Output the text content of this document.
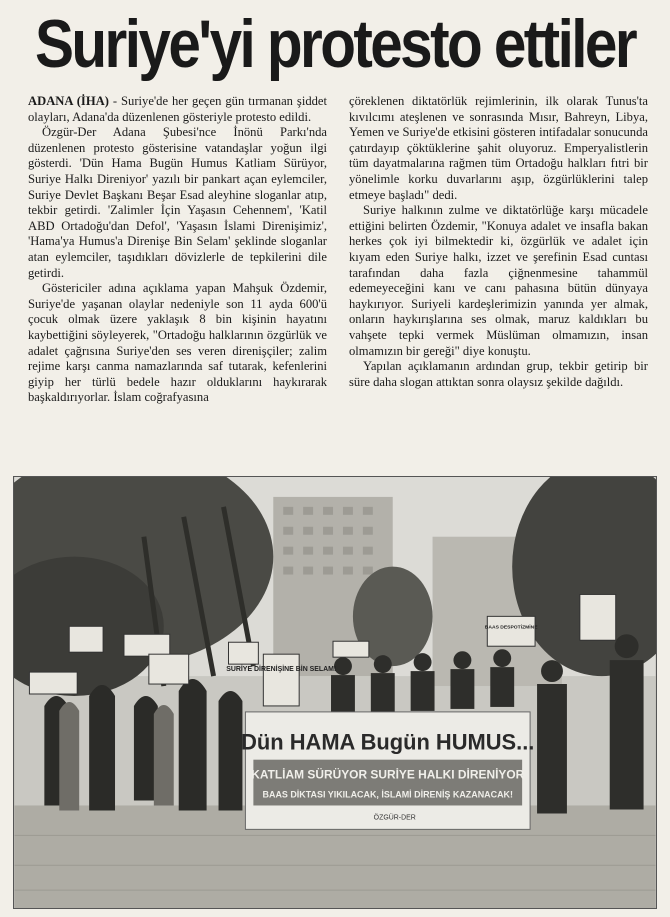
Suriye'yi protesto ettiler

ADANA (İHA) - Suriye'de her geçen gün tırmanan şiddet olayları, Adana'da düzenlenen gösteriyle protesto edildi.

Özgür-Der Adana Şubesi'nce İnönü Parkı'nda düzenlenen protesto gösterisine vatandaşlar yoğun ilgi gösterdi. 'Dün Hama Bugün Humus Katliam Sürüyor, Suriye Halkı Direniyor' yazılı bir pankart açan eylemciler, Suriye Devlet Başkanı Beşar Esad aleyhine sloganlar atıp, tekbir getirdi. 'Zalimler İçin Yaşasın Cehennem', 'Katil ABD Ortadoğu'dan Defol', 'Yaşasın İslami Direnişimiz', 'Hama'ya Humus'a Direnişe Bin Selam' şeklinde sloganlar atan eylemciler, taşıdıkları dövizlerle de tepkilerini dile getirdi.

Göstericiler adına açıklama yapan Mahşuk Özdemir, Suriye'de yaşanan olaylar nedeniyle son 11 ayda 600'ü çocuk olmak üzere yaklaşık 8 bin kişinin hayatını kaybettiğini söyleyerek, "Ortadoğu halklarının özgürlük ve adalet çağrısına Suriye'den ses veren direnişçiler; zalim rejime karşı canma namazlarında saf tutarak, kefenlerini giyip her türlü bedele hazır olduklarını haykırarak başkaldırıyorlar. İslam coğrafyasına

çöreklenen diktatörlük rejimlerinin, ilk olarak Tunus'ta kıvılcımı ateşlenen ve sonrasında Mısır, Bahreyn, Libya, Yemen ve Suriye'de etkisini gösteren intifadalar sonucunda çatırdayıp çöktüklerine şahit oluyoruz. Emperyalistlerin tüm dayatmalarına rağmen tüm Ortadoğu halkları fıtri bir yönelimle korku duvarlarını aşıp, özgürlüklerini talep etmeye başladı" dedi.

Suriye halkının zulme ve diktatörlüğe karşı mücadele ettiğini belirten Özdemir, "Konuya adalet ve insafla bakan herkes çok iyi bilmektedir ki, özgürlük ve adalet için kıyam eden Suriye halkı, izzet ve şerefinin Esad cuntası tarafından daha fazla çiğnenmesine tahammül edemeyeceğini kanı ve canı pahasına bütün dünyaya haykırıyor. Suriyeli kardeşlerimizin yanında yer almak, onların haykırışlarına ses olmak, maruz kaldıkları bu vahşete tepki vermek Müslüman olmamızın, insan olmamızın bir gereği" diye konuştu.

Yapılan açıklamanın ardından grup, tekbir getirip bir süre daha slogan attıktan sonra olaysız şekilde dağıldı.

SURİYE DİRENİŞİNE BİN SELAM!
BAAS DESPOTİZMİNE
Dün HAMA Bugün HUMUS...
KATLİAM SÜRÜYOR SURİYE HALKI DİRENİYOR
BAAS DİKTASI YIKILACAK, İSLAMİ DİRENİŞ KAZANACAK!
ÖZGÜR-DER
